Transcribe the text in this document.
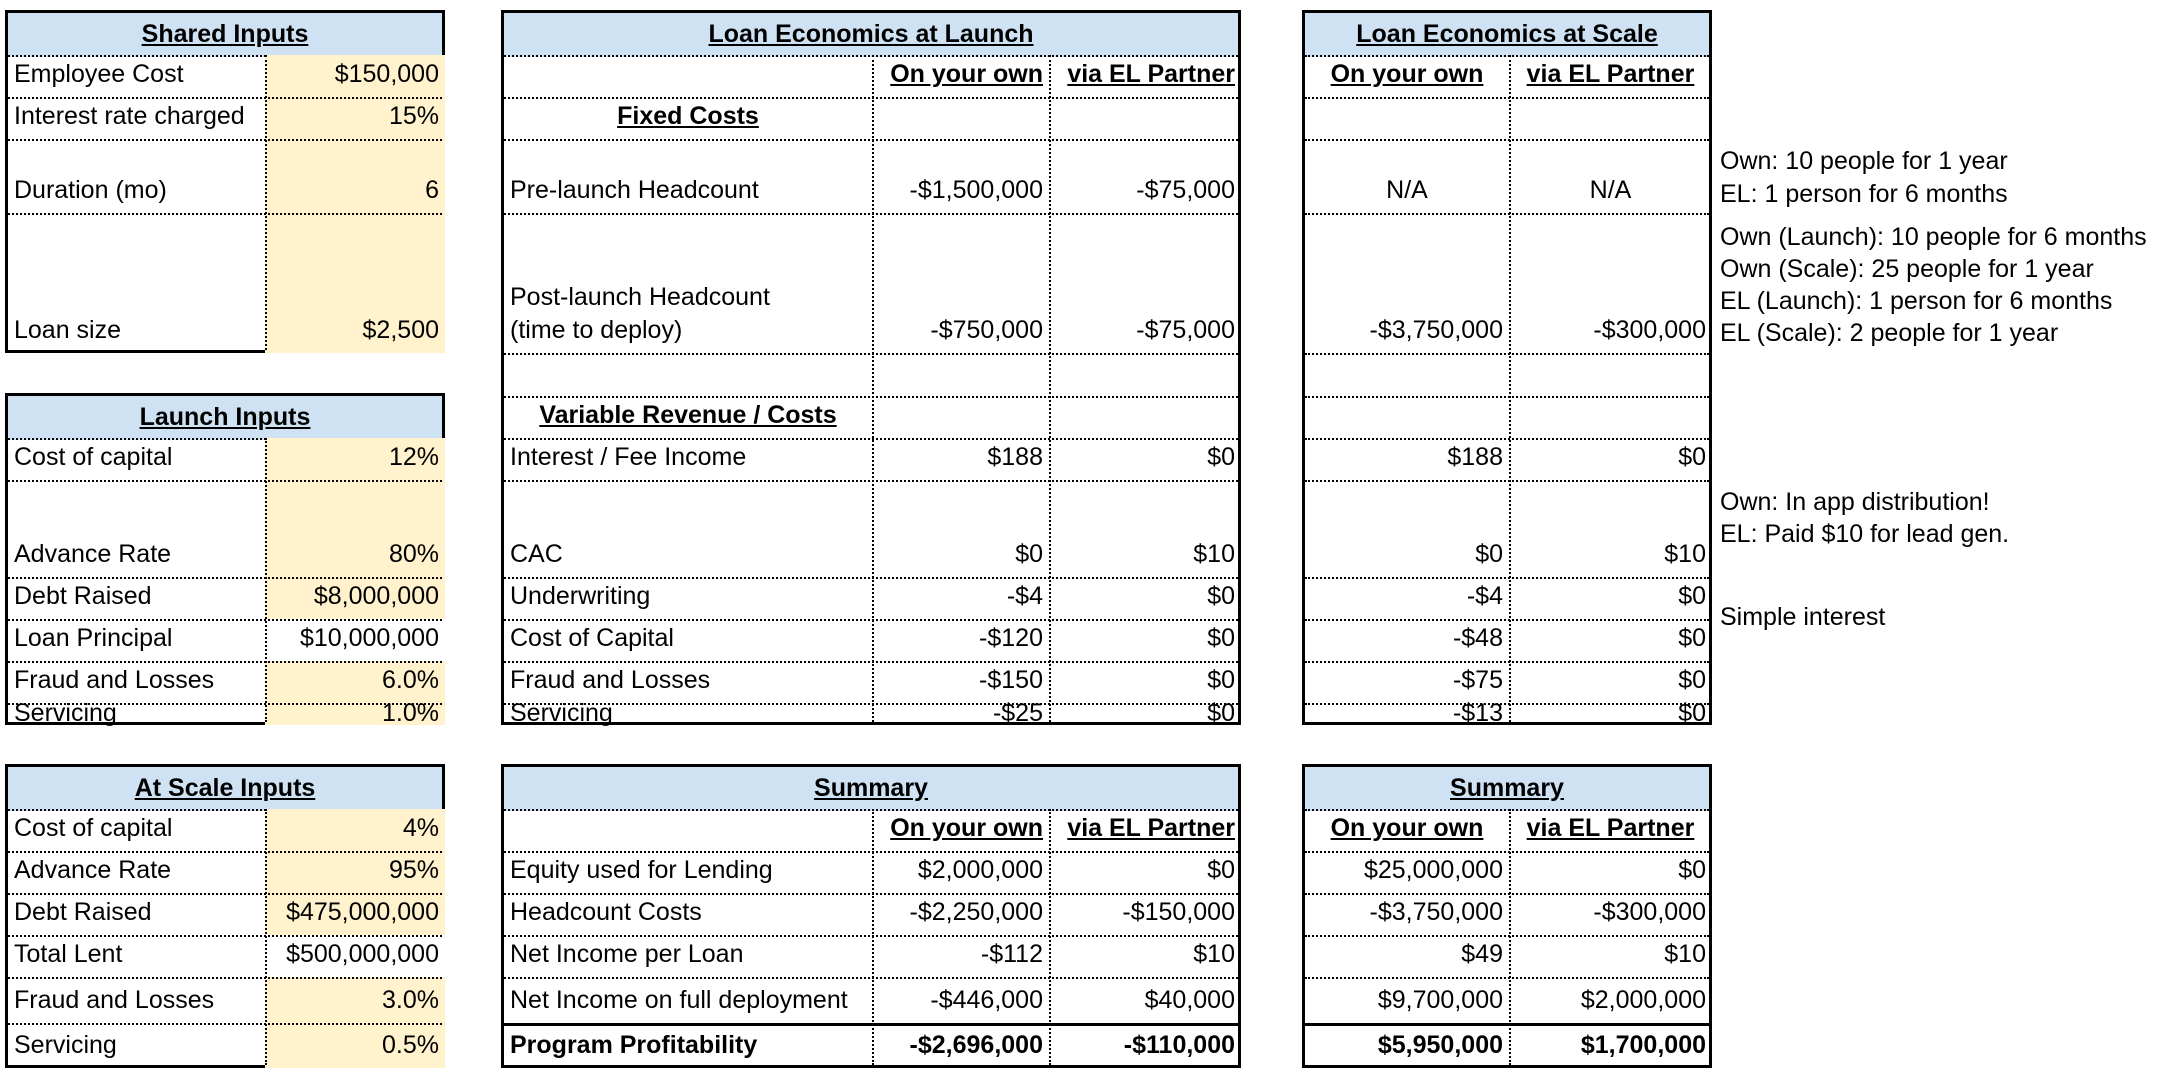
Shared Inputs
Employee Cost	$150,000
Interest rate charged	15%
Duration (mo)	6
Loan size	$2,500
Launch Inputs
Cost of capital	12%
Advance Rate	80%
Debt Raised	$8,000,000
Loan Principal	$10,000,000
Fraud and Losses	6.0%
Servicing	1.0%
At Scale Inputs
Cost of capital	4%
Advance Rate	95%
Debt Raised	$475,000,000
Total Lent	$500,000,000
Fraud and Losses	3.0%
Servicing	0.5%
Loan Economics at Launch
On your own via EL Partner
Fixed Costs
Pre-launch Headcount	-$1,500,000	-$75,000
Post-launch Headcount
(time to deploy)	-$750,000	-$75,000
Variable Revenue / Costs
Interest / Fee Income	$188	$0
CAC	$0	$10
Underwriting	-$4	$0
Cost of Capital	-$120	$0
Fraud and Losses	-$150	$0
Servicing	-$25	$0
Loan Economics at Scale
On your own	via EL Partner
N/A	N/A
-$3,750,000	-$300,000
$188	$0
$0	$10
-$4	$0
-$48	$0
-$75	$0
-$13	$0
Own: 10 people for 1 year
EL: 1 person for 6 months
Own (Launch): 10 people for 6 months
Own (Scale): 25 people for 1 year
EL (Launch): 1 person for 6 months
EL (Scale): 2 people for 1 year
Own: In app distribution!
EL: Paid $10 for lead gen.
Simple interest
Summary
On your own via EL Partner
Equity used for Lending	$2,000,000	$0
Headcount Costs	-$2,250,000	-$150,000
Net Income per Loan	-$112	$10
Net Income on full deployment	-$446,000	$40,000
Program Profitability	-$2,696,000	-$110,000
Summary
On your own	via EL Partner
$25,000,000	$0
-$3,750,000	-$300,000
$49	$10
$9,700,000	$2,000,000
$5,950,000	$1,700,000
